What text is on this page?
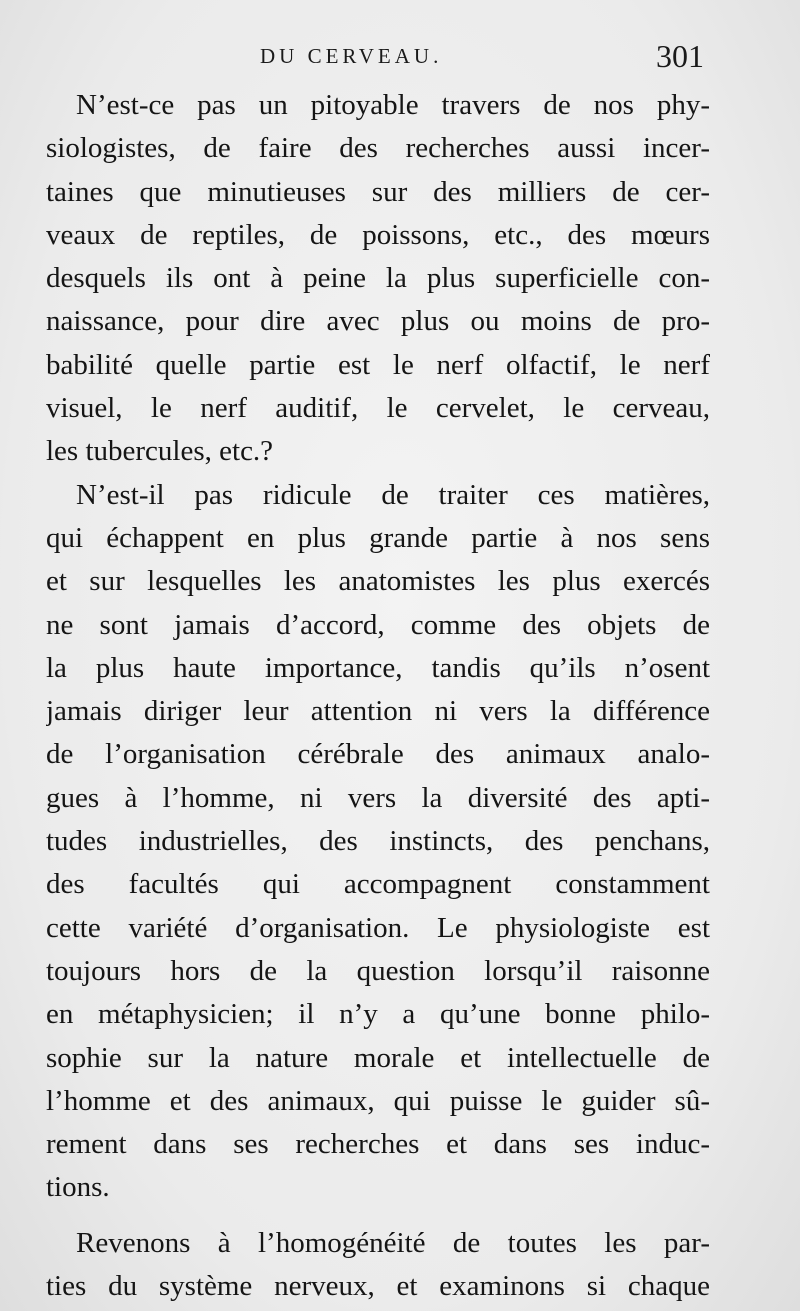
DU CERVEAU.	301

N’est-ce pas un pitoyable travers de nos phy-
siologistes, de faire des recherches aussi incer-
taines que minutieuses sur des milliers de cer-
veaux de reptiles, de poissons, etc., des mœurs
desquels ils ont à peine la plus superficielle con-
naissance, pour dire avec plus ou moins de pro-
babilité quelle partie est le nerf olfactif, le nerf
visuel, le nerf auditif, le cervelet, le cerveau,
les tubercules, etc.?

N’est-il pas ridicule de traiter ces matières,
qui échappent en plus grande partie à nos sens
et sur lesquelles les anatomistes les plus exercés
ne sont jamais d’accord, comme des objets de
la plus haute importance, tandis qu’ils n’osent
jamais diriger leur attention ni vers la différence
de l’organisation cérébrale des animaux analo-
gues à l’homme, ni vers la diversité des apti-
tudes industrielles, des instincts, des penchans,
des facultés qui accompagnent constamment
cette variété d’organisation. Le physiologiste est
toujours hors de la question lorsqu’il raisonne
en métaphysicien; il n’y a qu’une bonne philo-
sophie sur la nature morale et intellectuelle de
l’homme et des animaux, qui puisse le guider sû-
rement dans ses recherches et dans ses induc-
tions.

Revenons à l’homogénéité de toutes les par-
ties du système nerveux, et examinons si chaque
